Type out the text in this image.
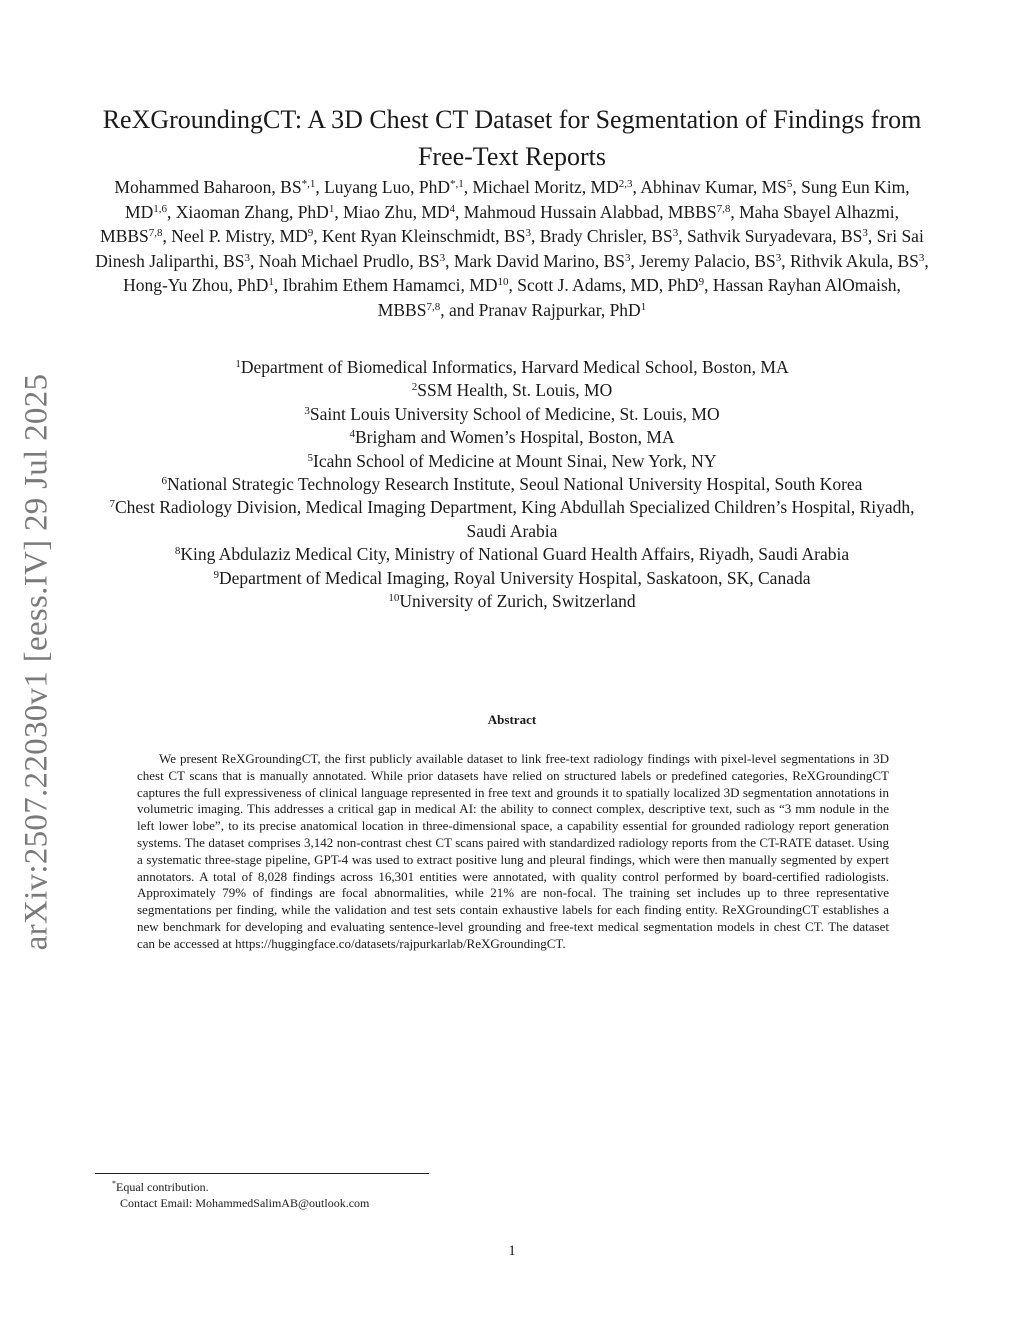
arXiv:2507.22030v1 [eess.IV] 29 Jul 2025
ReXGroundingCT: A 3D Chest CT Dataset for Segmentation of Findings from Free-Text Reports
Mohammed Baharoon, $BS^{*,1}$, Luyang Luo, PhD$^{*,1}$, Michael Moritz, MD$^{2,3}$, Abhinav Kumar, $MS^5$, Sung Eun Kim, MD$^{1,6}$, Xiaoman Zhang, PhD$^1$, Miao Zhu, $MD^4$, Mahmoud Hussain Alabbad, MBBS$^{7,8}$, Maha Sbayel Alhazmi, MBBS$^{7,8}$, Neel P. Mistry, $MD^9$, Kent Ryan Kleinschmidt, $BS^3$, Brady Chrisler, $BS^3$, Sathvik Suryadevara, $BS^3$, Sri Sai Dinesh Jaliparthi, $BS^3$, Noah Michael Prudlo, $BS^3$, Mark David Marino, $BS^3$, Jeremy Palacio, $BS^3$, Rithvik Akula, $BS^3$, Hong-Yu Zhou, PhD$^1$, Ibrahim Ethem Hamamci, MD$^{10}$, Scott J. Adams, MD, PhD$^9$, Hassan Rayhan AlOmaish, MBBS$^{7,8}$, and Pranav Rajpurkar, PhD$^1$
$^1$Department of Biomedical Informatics, Harvard Medical School, Boston, MA
$^2$SSM Health, St. Louis, MO
$^3$Saint Louis University School of Medicine, St. Louis, MO
$^4$Brigham and Women’s Hospital, Boston, MA
$^5$Icahn School of Medicine at Mount Sinai, New York, NY
$^6$National Strategic Technology Research Institute, Seoul National University Hospital, South Korea
$^7$Chest Radiology Division, Medical Imaging Department, King Abdullah Specialized Children’s Hospital, Riyadh, Saudi Arabia
$^8$King Abdulaziz Medical City, Ministry of National Guard Health Affairs, Riyadh, Saudi Arabia
$^9$Department of Medical Imaging, Royal University Hospital, Saskatoon, SK, Canada
$^{10}$University of Zurich, Switzerland
Abstract

We present ReXGroundingCT, the first publicly available dataset to link free-text radiology findings with pixel-level segmentations in 3D chest CT scans that is manually annotated. While prior datasets have relied on structured labels or predefined categories, ReXGroundingCT captures the full expressiveness of clinical language represented in free text and grounds it to spatially localized 3D segmentation annotations in volumetric imaging. This addresses a critical gap in medical AI: the ability to connect complex, descriptive text, such as “3 mm nodule in the left lower lobe”, to its precise anatomical location in three-dimensional space, a capability essential for grounded radiology report generation systems. The dataset comprises 3,142 non-contrast chest CT scans paired with standardized radiology reports from the CT-RATE dataset. Using a systematic three-stage pipeline, GPT-4 was used to extract positive lung and pleural findings, which were then manually segmented by expert annotators. A total of 8,028 findings across 16,301 entities were annotated, with quality control performed by board-certified radiologists. Approximately 79% of findings are focal abnormalities, while 21% are non-focal. The training set includes up to three representative segmentations per finding, while the validation and test sets contain exhaustive labels for each finding entity. ReXGroundingCT establishes a new benchmark for developing and evaluating sentence-level grounding and free-text medical segmentation models in chest CT. The dataset can be accessed at https://huggingface.co/datasets/rajpurkarlab/ReXGroundingCT.

*Equal contribution.
Contact Email: MohammedSalimAB@outlook.com
1
